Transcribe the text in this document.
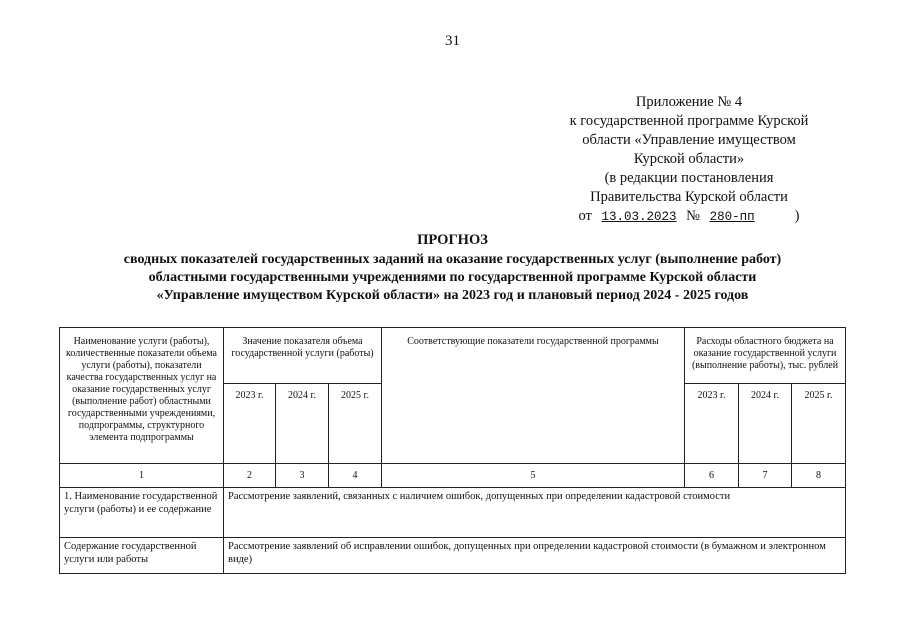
31
Приложение № 4
к государственной программе Курской
области «Управление имуществом
Курской области»
(в редакции постановления
Правительства Курской области
от 13.03.2023 № 280-пп	)
ПРОГНОЗ
сводных показателей государственных заданий на оказание государственных услуг (выполнение работ)
областными государственными учреждениями по государственной программе Курской области
«Управление имуществом Курской области» на 2023 год и плановый период 2024 - 2025 годов
Наименование услуги (работы), количественные показатели объема услуги (работы), показатели качества государственных услуг на оказание государственных услуг (выполнение работ) областными государственными учреждениями, подпрограммы, структурного элемента подпрограммы	Значение показателя объема государственной услуги (работы)			Соответствующие показатели государственной программы	Расходы областного бюджета на оказание государственной услуги (выполнение работы), тыс. рублей		
	2023 г.	2024 г.	2025 г.		2023 г.	2024 г.	2025 г.
1	2	3	4	5	6	7	8
1. Наименование государственной услуги (работы) и ее содержание	Рассмотрение заявлений, связанных с наличием ошибок, допущенных при определении кадастровой стоимости						
Содержание государственной услуги или работы	Рассмотрение заявлений об исправлении ошибок, допущенных при определении кадастровой стоимости (в бумажном и электронном виде)						
